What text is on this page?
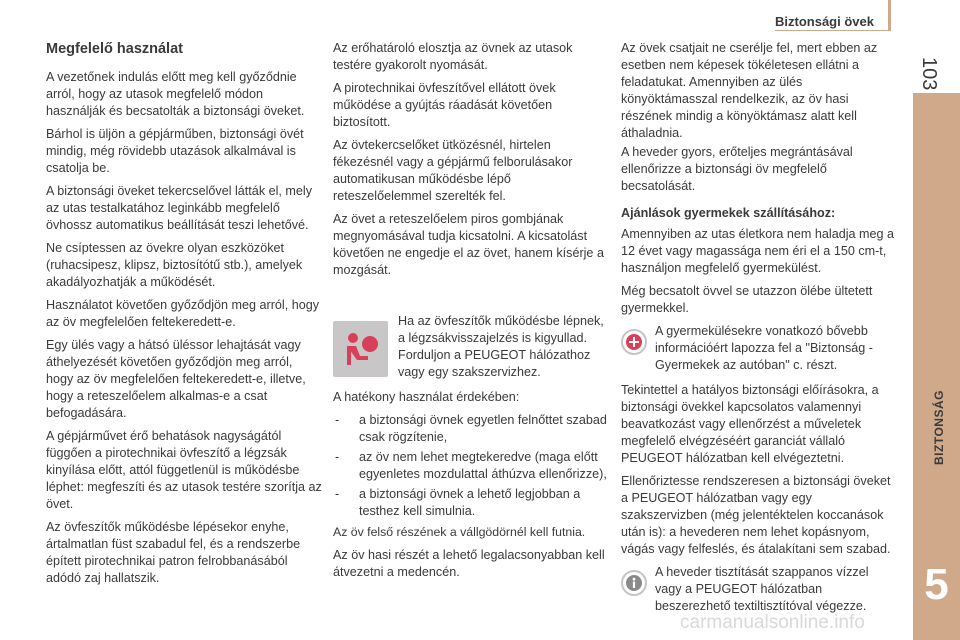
Biztonsági övek
103
BIZTONSÁG
5
Megfelelő használat

A vezetőnek indulás előtt meg kell győződnie arról, hogy az utasok megfelelő módon használják és becsatolták a biztonsági öveket.

Bárhol is üljön a gépjárműben, biztonsági övét mindig, még rövidebb utazások alkalmával is csatolja be.

A biztonsági öveket tekercselővel látták el, mely az utas testalkatához leginkább megfelelő övhossz automatikus beállítását teszi lehetővé.

Ne csíptessen az övekre olyan eszközöket (ruhacsipesz, klipsz, biztosítótű stb.), amelyek akadályozhatják a működését.

Használatot követően győződjön meg arról, hogy az öv megfelelően feltekeredett-e.

Egy ülés vagy a hátsó üléssor lehajtását vagy áthelyezését követően győződjön meg arról, hogy az öv megfelelően feltekeredett-e, illetve, hogy a reteszelőelem alkalmas-e a csat befogadására.

A gépjárművet érő behatások nagyságától függően a pirotechnikai övfeszítő a légzsák kinyílása előtt, attól függetlenül is működésbe léphet: megfeszíti és az utasok testére szorítja az övet.

Az övfeszítők működésbe lépésekor enyhe, ártalmatlan füst szabadul fel, és a rendszerbe épített pirotechnikai patron felrobbanásából adódó zaj hallatszik.

Az erőhatároló elosztja az övnek az utasok testére gyakorolt nyomását.

A pirotechnikai övfeszítővel ellátott övek működése a gyújtás ráadását követően biztosított.

Az övtekercselőket ütközésnél, hirtelen fékezésnél vagy a gépjármű felborulásakor automatikusan működésbe lépő reteszelőelemmel szerelték fel.

Az övet a reteszelőelem piros gombjának megnyomásával tudja kicsatolni. A kicsatolást követően ne engedje el az övet, hanem kísérje a mozgását.

Ha az övfeszítők működésbe lépnek, a légzsákvisszajelzés is kigyullad. Forduljon a PEUGEOT hálózathoz vagy egy szakszervizhez.

A hatékony használat érdekében:

- a biztonsági övnek egyetlen felnőttet szabad csak rögzítenie,
- az öv nem lehet megtekeredve (maga előtt egyenletes mozdulattal áthúzva ellenőrizze),
- a biztonsági övnek a lehető legjobban a testhez kell simulnia.

Az öv felső részének a vállgödörnél kell futnia.

Az öv hasi részét a lehető legalacsonyabban kell átvezetni a medencén.

Az övek csatjait ne cserélje fel, mert ebben az esetben nem képesek tökéletesen ellátni a feladatukat. Amennyiben az ülés könyöktámasszal rendelkezik, az öv hasi részének mindig a könyöktámasz alatt kell áthaladnia.

A heveder gyors, erőteljes megrántásával ellenőrizze a biztonsági öv megfelelő becsatolását.

Ajánlások gyermekek szállításához:

Amennyiben az utas életkora nem haladja meg a 12 évet vagy magassága nem éri el a 150 cm-t, használjon megfelelő gyermekülést.

Még becsatolt övvel se utazzon ölébe ültetett gyermekkel.

A gyermekülésekre vonatkozó bővebb információért lapozza fel a "Biztonság - Gyermekek az autóban" c. részt.

Tekintettel a hatályos biztonsági előírásokra, a biztonsági övekkel kapcsolatos valamennyi beavatkozást vagy ellenőrzést a műveletek megfelelő elvégzéséért garanciát vállaló PEUGEOT hálózatban kell elvégeztetni.

Ellenőriztesse rendszeresen a biztonsági öveket a PEUGEOT hálózatban vagy egy szakszervizben (még jelentéktelen koccanások után is): a hevederen nem lehet kopásnyom, vágás vagy felfeslés, és átalakítani sem szabad.

A heveder tisztítását szappanos vízzel vagy a PEUGEOT hálózatban beszerezhető textiltisztítóval végezze.
carmanualsonline.info
